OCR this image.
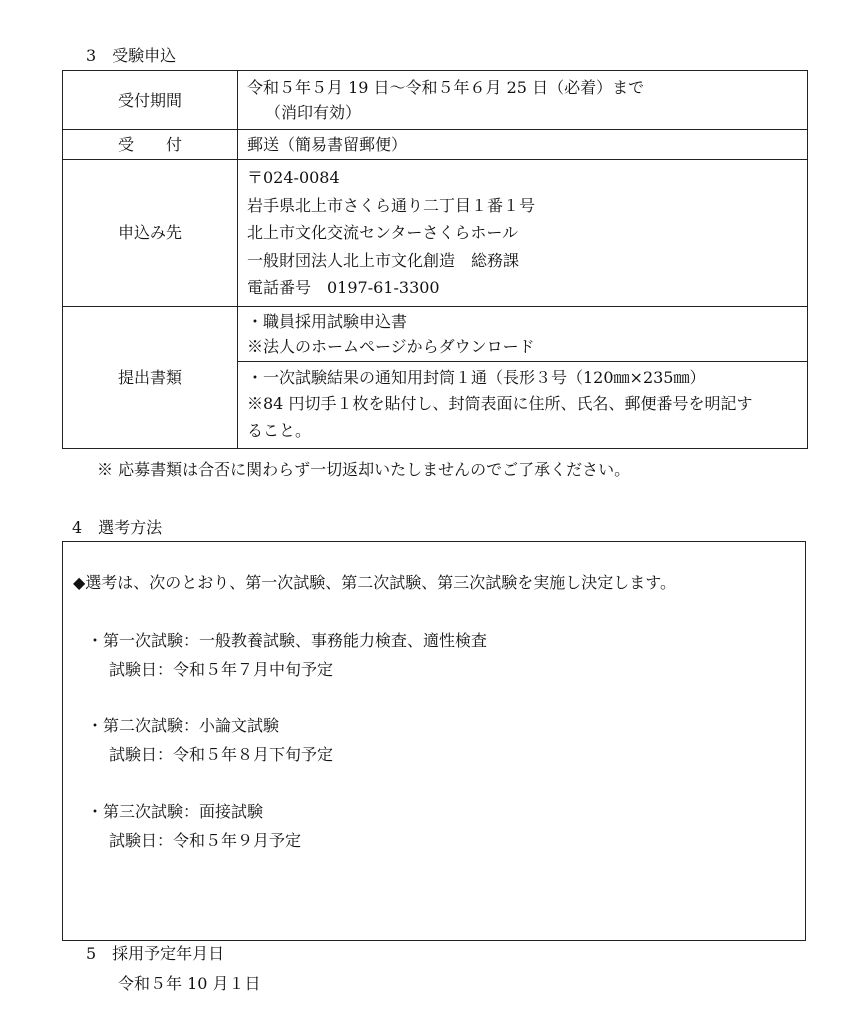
3　受験申込
受付期間	令和５年５月 19 日〜令和５年６月 25 日（必着）まで
（消印有効）

受　　付	郵送（簡易書留郵便）

申込み先	〒024-0084
岩手県北上市さくら通り二丁目１番１号
北上市文化交流センターさくらホール
一般財団法人北上市文化創造　総務課
電話番号　0197-61-3300

提出書類	・職員採用試験申込書
※法人のホームページからダウンロード

	・一次試験結果の通知用封筒１通（長形３号（120㎜×235㎜）
※84 円切手１枚を貼付し、封筒表面に住所、氏名、郵便番号を明記す
ること。
※ 応募書類は合否に関わらず一切返却いたしませんのでご了承ください。
4　選考方法
◆選考は、次のとおり、第一次試験、第二次試験、第三次試験を実施し決定します。
・第一次試験：一般教養試験、事務能力検査、適性検査
試験日：令和５年７月中旬予定
・第二次試験：小論文試験
試験日：令和５年８月下旬予定
・第三次試験：面接試験
試験日：令和５年９月予定
5　採用予定年月日
令和５年 10 月１日
